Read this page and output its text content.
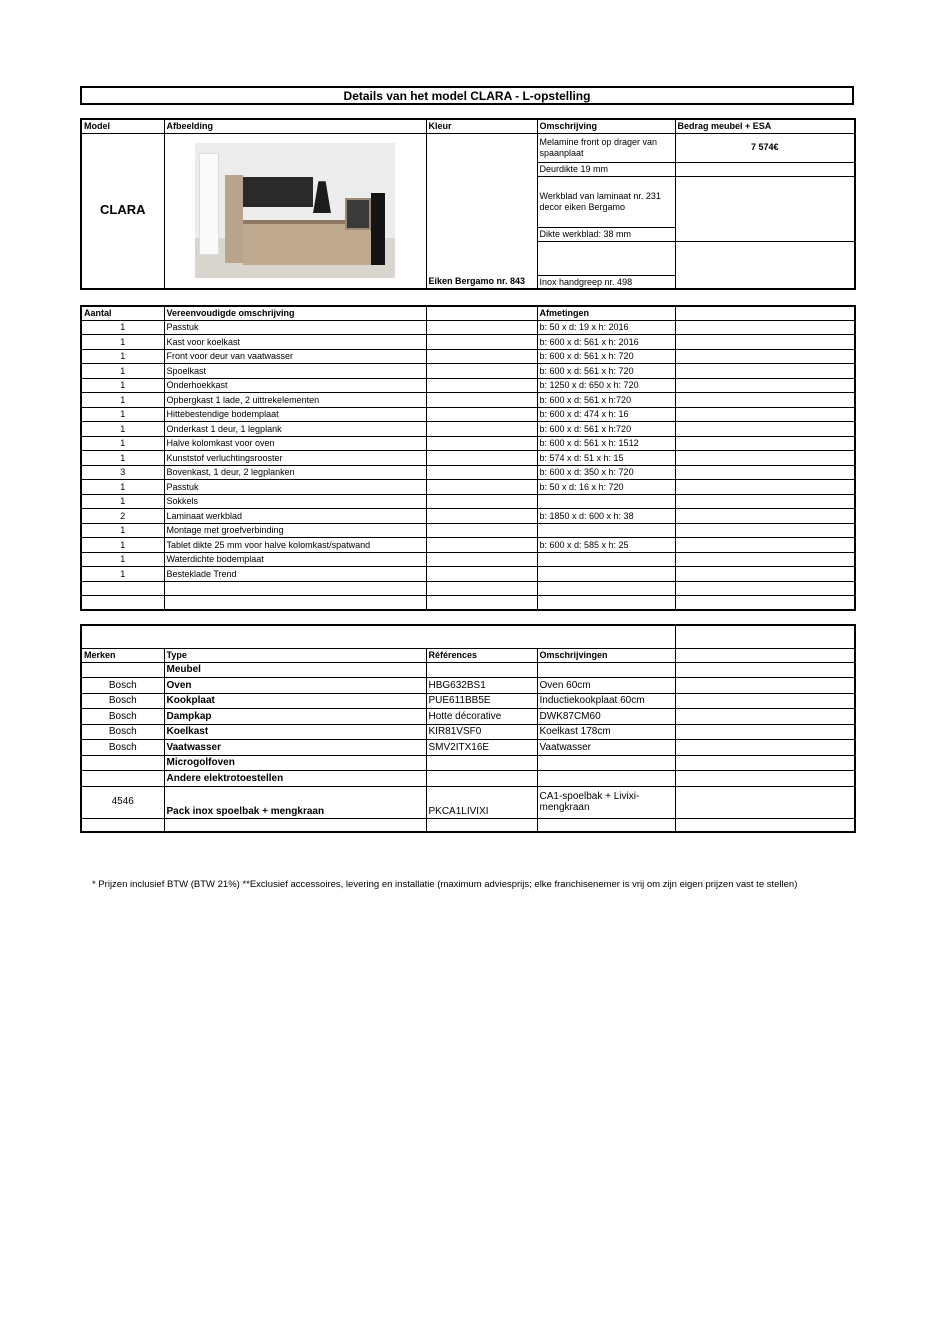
Details van het model CLARA - L-opstelling
Model	Afbeelding	Kleur	Omschrijving	Bedrag meubel + ESA
CLARA		Eiken Bergamo nr. 843	Melamine front op drager van spaanplaat	7 574€
			Deurdikte 19 mm	
			Werkblad van laminaat nr. 231 decor eiken Bergamo	
			Dikte werkblad: 38 mm	

			Inox handgreep nr. 498	
Aantal	Vereenvoudigde omschrijving		Afmetingen	
1	Passtuk		b: 50 x d: 19 x h: 2016	
1	Kast voor koelkast		b: 600 x d: 561 x h: 2016	
1	Front voor deur van vaatwasser		b: 600 x d: 561 x h: 720	
1	Spoelkast		b: 600 x d: 561 x h: 720	
1	Onderhoekkast		b: 1250 x d: 650 x h: 720	
1	Opbergkast 1 lade, 2 uittrekelementen		b: 600 x d: 561 x h:720	
1	Hittebestendige bodemplaat		b: 600 x d: 474 x h: 16	
1	Onderkast 1 deur, 1 legplank		b: 600 x d: 561 x h:720	
1	Halve kolomkast voor oven		b: 600 x d: 561 x h: 1512	
1	Kunststof verluchtingsrooster		b: 574 x d: 51 x h: 15	
3	Bovenkast, 1 deur, 2 legplanken		b: 600 x d: 350 x h: 720	
1	Passtuk		b: 50 x d: 16 x h: 720	
1	Sokkels			
2	Laminaat werkblad		b: 1850 x d: 600 x h: 38	
1	Montage met groefverbinding			
1	Tablet dikte 25 mm voor halve kolomkast/spatwand		b: 600 x d: 585 x h: 25	
1	Waterdichte bodemplaat			
1	Besteklade Trend			

Merken	Type	Références	Omschrijvingen	
	Meubel			
Bosch	Oven	HBG632BS1	Oven 60cm	
Bosch	Kookplaat	PUE611BB5E	Inductiekookplaat 60cm	
Bosch	Dampkap	Hotte décorative	DWK87CM60	
Bosch	Koelkast	KIR81VSF0	Koelkast 178cm	
Bosch	Vaatwasser	SMV2ITX16E	Vaatwasser	
	Microgolfoven			
	Andere elektrotoestellen			
4546	Pack inox spoelbak + mengkraan	PKCA1LIVIXI	CA1-spoelbak + Livixi-mengkraan	

* Prijzen inclusief BTW (BTW 21%) **Exclusief accessoires, levering en installatie (maximum adviesprijs; elke franchisenemer is vrij om zijn eigen prijzen vast te stellen)
